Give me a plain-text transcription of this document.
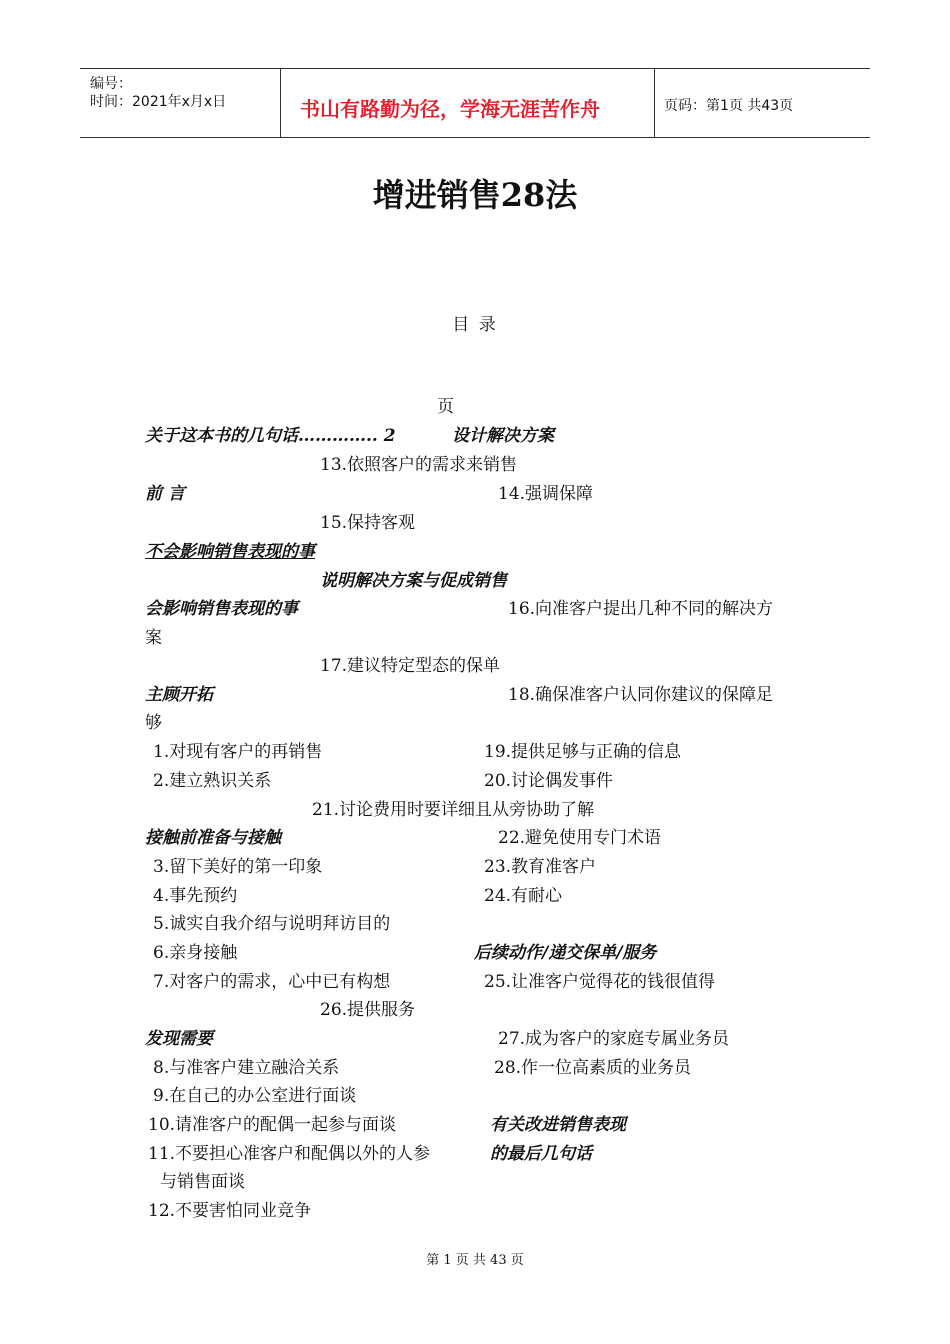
编号：
时间：2021年x月x日	书山有路勤为径，学海无涯苦作舟	页码：第1页 共43页
增进销售28法
目 录
页
关于这本书的几句话………….. 2	设计解决方案
13.依照客户的需求来销售
前 言	14.强调保障
15.保持客观
不会影响销售表现的事
说明解决方案与促成销售
会影响销售表现的事	16.向准客户提出几种不同的解决方
案
17.建议特定型态的保单
主顾开拓	18.确保准客户认同你建议的保障足
够
1.对现有客户的再销售	19.提供足够与正确的信息
2.建立熟识关系	20.讨论偶发事件
21.讨论费用时要详细且从旁协助了解
接触前准备与接触	22.避免使用专门术语
3.留下美好的第一印象	23.教育准客户
4.事先预约	24.有耐心
5.诚实自我介绍与说明拜访目的
6.亲身接触	后续动作/递交保单/服务
7.对客户的需求，心中已有构想	25.让准客户觉得花的钱很值得
26.提供服务
发现需要	27.成为客户的家庭专属业务员
8.与准客户建立融洽关系	28.作一位高素质的业务员
9.在自己的办公室进行面谈
10.请准客户的配偶一起参与面谈	有关改进销售表现
11.不要担心准客户和配偶以外的人参	的最后几句话
与销售面谈
12.不要害怕同业竞争
第 1 页 共 43 页
